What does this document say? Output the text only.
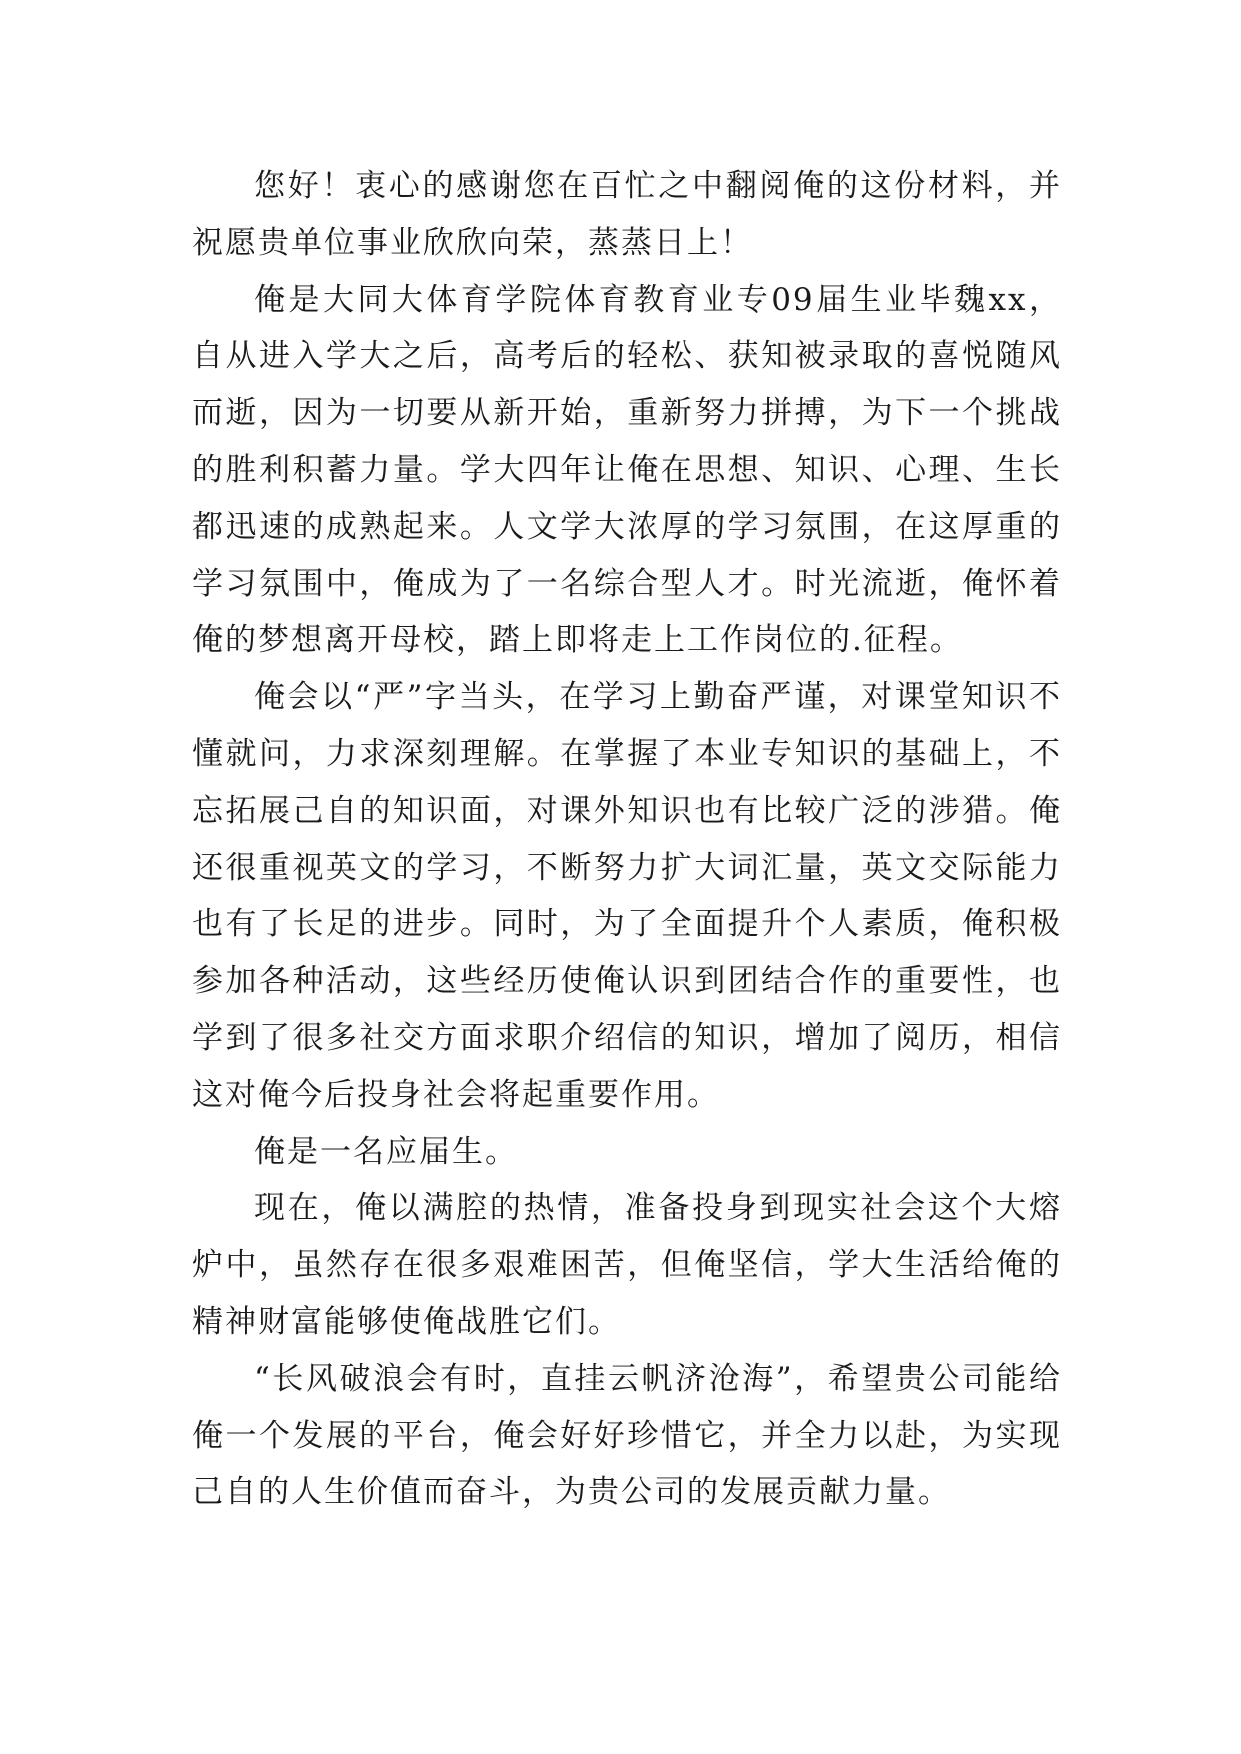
您好！衷心的感谢您在百忙之中翻阅俺的这份材料，并祝愿贵单位事业欣欣向荣，蒸蒸日上！

俺是大同大体育学院体育教育业专09届生业毕魏xx，自从进入学大之后，高考后的轻松、获知被录取的喜悦随风而逝，因为一切要从新开始，重新努力拼搏，为下一个挑战的胜利积蓄力量。学大四年让俺在思想、知识、心理、生长都迅速的成熟起来。人文学大浓厚的学习氛围，在这厚重的学习氛围中，俺成为了一名综合型人才。时光流逝，俺怀着俺的梦想离开母校，踏上即将走上工作岗位的.征程。

俺会以“严”字当头，在学习上勤奋严谨，对课堂知识不懂就问，力求深刻理解。在掌握了本业专知识的基础上，不忘拓展己自的知识面，对课外知识也有比较广泛的涉猎。俺还很重视英文的学习，不断努力扩大词汇量，英文交际能力也有了长足的进步。同时，为了全面提升个人素质，俺积极参加各种活动，这些经历使俺认识到团结合作的重要性，也学到了很多社交方面求职介绍信的知识，增加了阅历，相信这对俺今后投身社会将起重要作用。

俺是一名应届生。

现在，俺以满腔的热情，准备投身到现实社会这个大熔炉中，虽然存在很多艰难困苦，但俺坚信，学大生活给俺的精神财富能够使俺战胜它们。

“长风破浪会有时，直挂云帆济沧海”，希望贵公司能给俺一个发展的平台，俺会好好珍惜它，并全力以赴，为实现己自的人生价值而奋斗，为贵公司的发展贡献力量。
